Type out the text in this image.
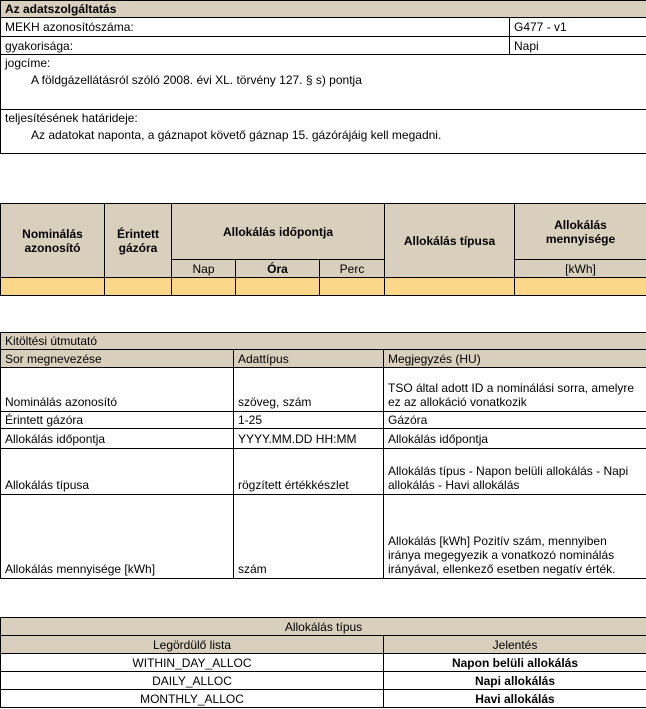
Az adatszolgáltatás	
MEKH azonosítószáma:	G477 - v1
gyakorisága:	Napi

jogcíme:
A földgázellátásról szóló 2008. évi XL. törvény 127. § s) pontja	

teljesítésének határideje:
Az adatokat naponta, a gáznapot követő gáznap 15. gázórájáig kell megadni.	
Nominálás azonosító	Érintett gázóra	Allokálás időpontja			Allokálás típusa	Allokálás mennyisége
		Nap	Óra	Perc		[kWh]

Kitöltési útmutató		
Sor megnevezése	Adattípus	Megjegyzés (HU)
Nominálás azonosító	szöveg, szám	TSO által adott ID a nominálási sorra, amelyre ez az allokáció vonatkozik
Érintett gázóra	1-25	Gázóra
Allokálás időpontja	YYYY.MM.DD HH:MM	Allokálás időpontja
Allokálás típusa	rögzített értékkészlet	Allokálás típus - Napon belüli allokálás - Napi allokálás - Havi allokálás
Allokálás mennyisége [kWh]	szám	Allokálás [kWh] Pozitív szám, mennyiben iránya megegyezik a vonatkozó nominálás irányával, ellenkező esetben negatív érték.
Allokálás típus	
Legördülő lista	Jelentés
WITHIN_DAY_ALLOC	Napon belüli allokálás
DAILY_ALLOC	Napi allokálás
MONTHLY_ALLOC	Havi allokálás
